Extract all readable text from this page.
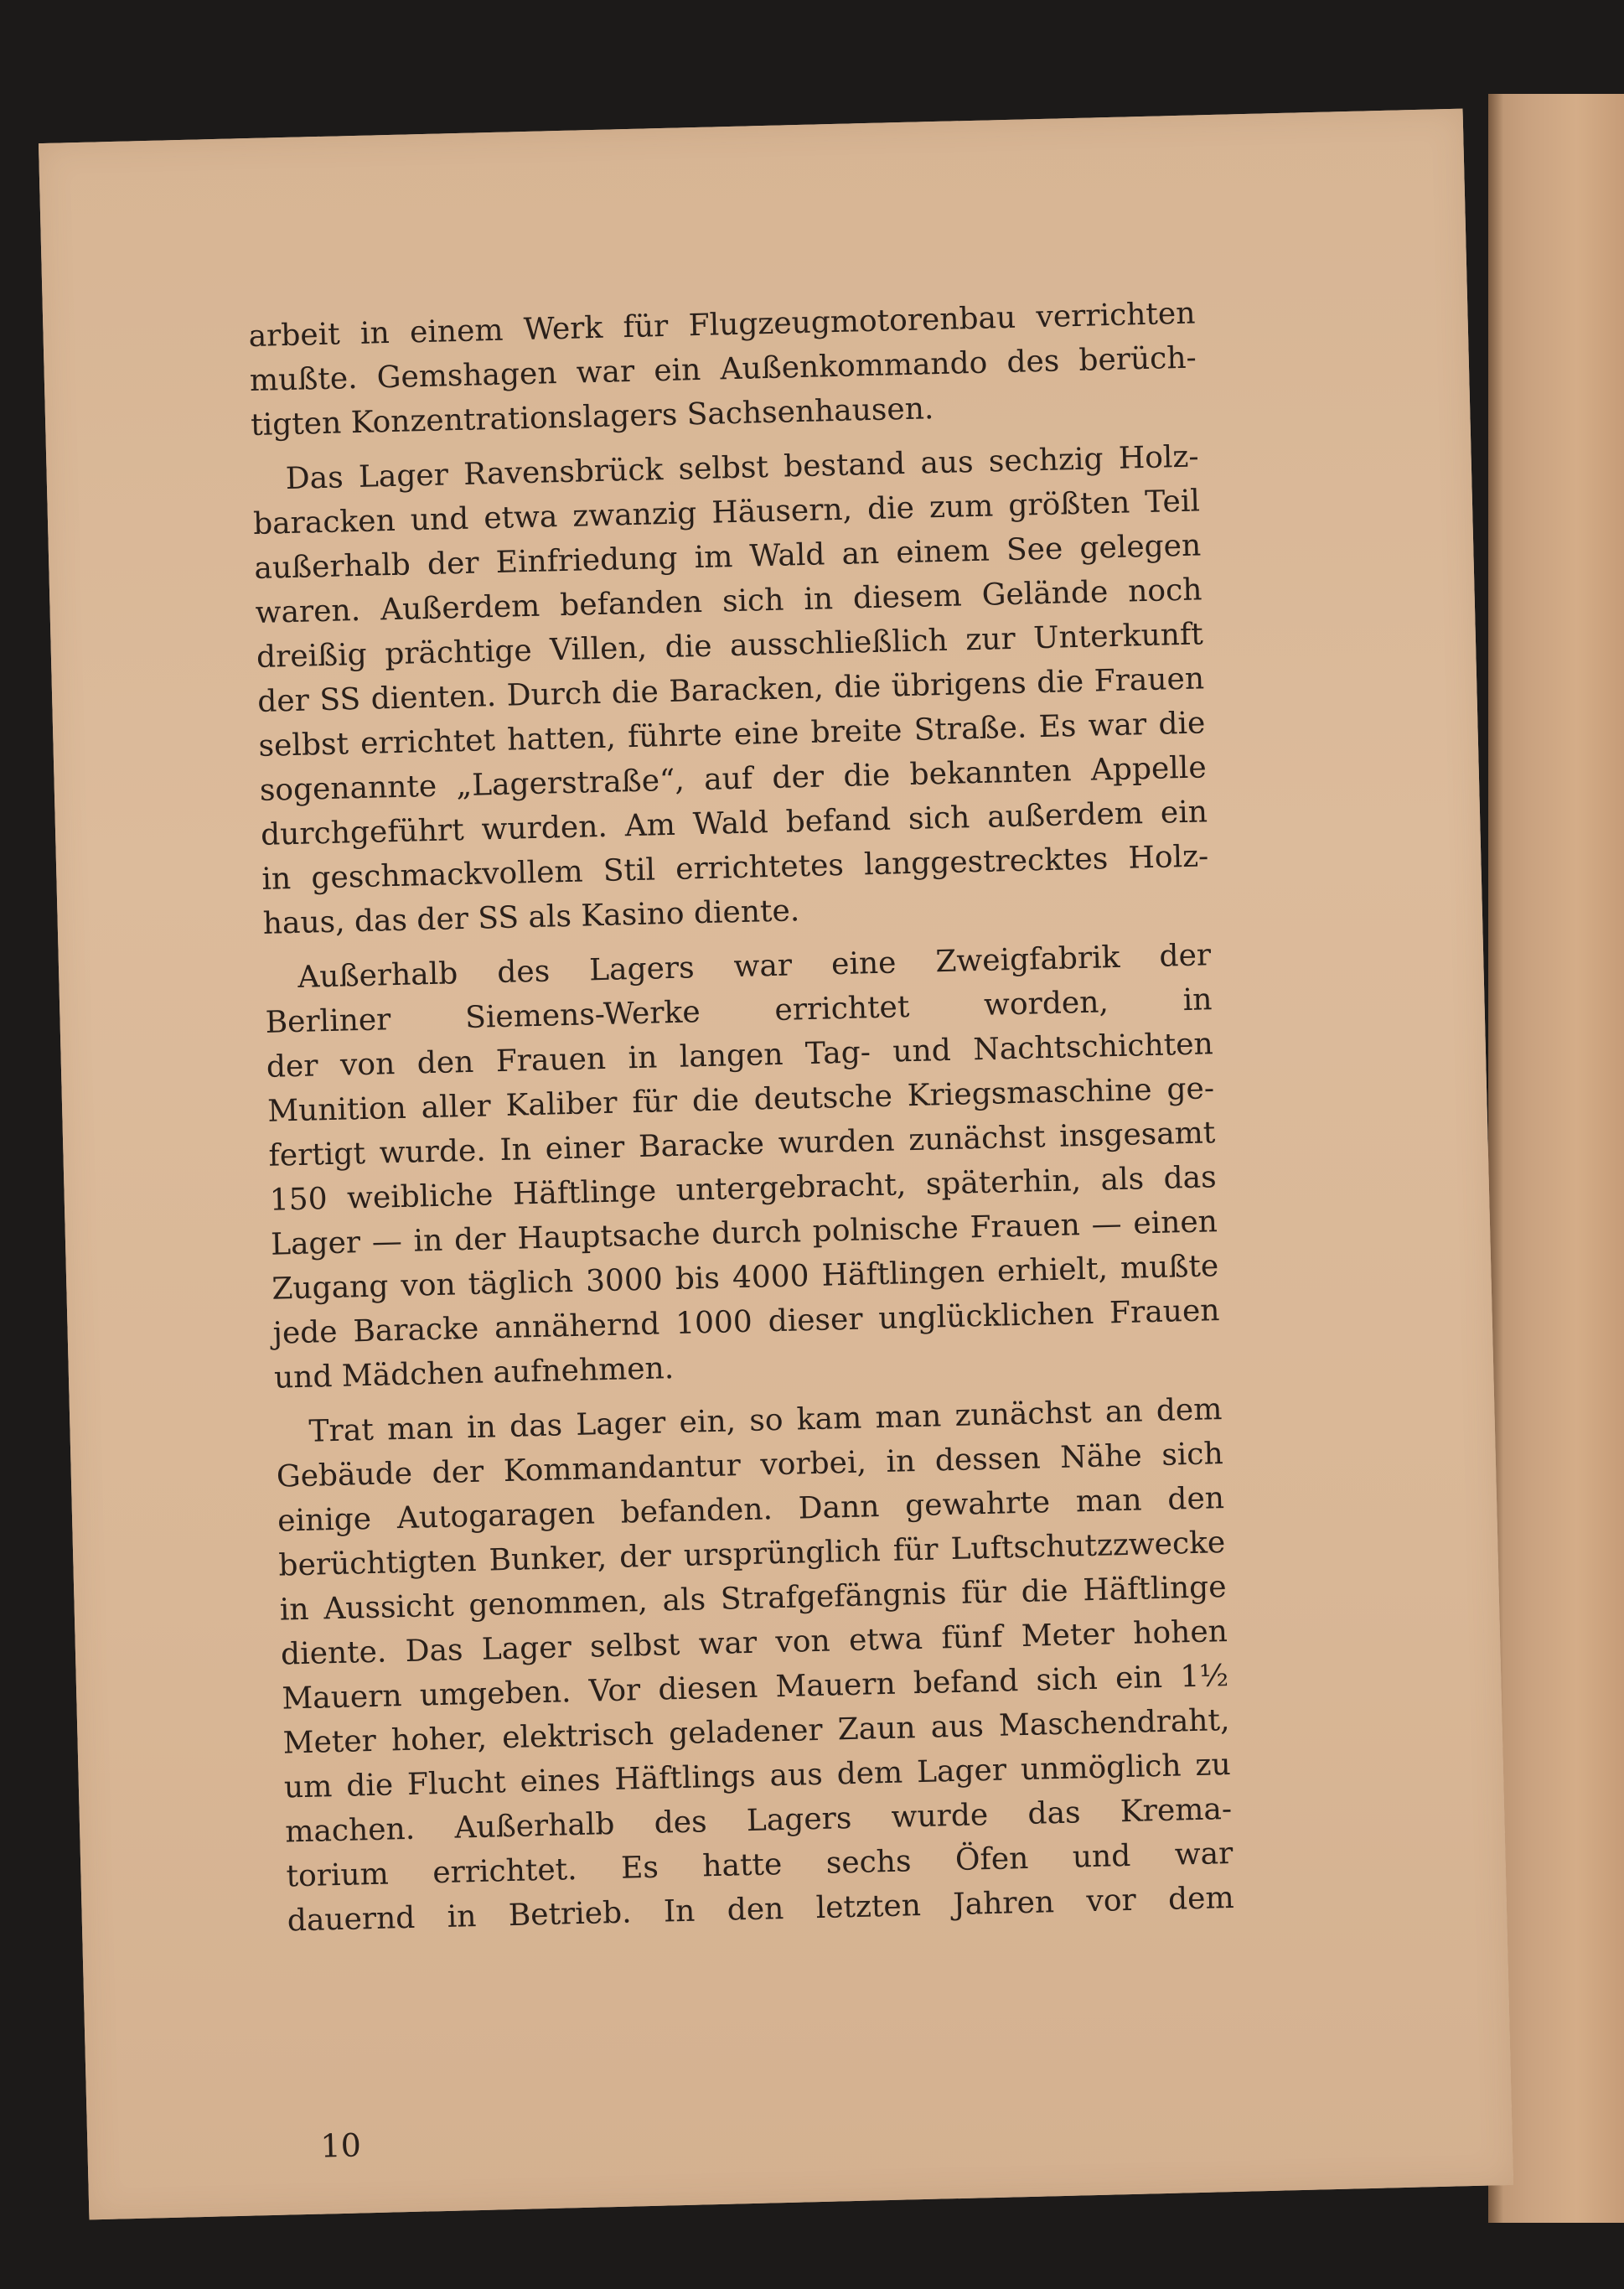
arbeit in einem Werk für Flugzeugmotorenbau verrichten
mußte. Gemshagen war ein Außenkommando des berüch-
tigten Konzentrationslagers Sachsenhausen.
Das Lager Ravensbrück selbst bestand aus sechzig Holz-
baracken und etwa zwanzig Häusern, die zum größten Teil
außerhalb der Einfriedung im Wald an einem See gelegen
waren. Außerdem befanden sich in diesem Gelände noch
dreißig prächtige Villen, die ausschließlich zur Unterkunft
der SS dienten. Durch die Baracken, die übrigens die Frauen
selbst errichtet hatten, führte eine breite Straße. Es war die
sogenannte „Lagerstraße“, auf der die bekannten Appelle
durchgeführt wurden. Am Wald befand sich außerdem ein
in geschmackvollem Stil errichtetes langgestrecktes Holz-
haus, das der SS als Kasino diente.
Außerhalb des Lagers war eine Zweigfabrik der
Berliner Siemens-Werke errichtet worden, in
der von den Frauen in langen Tag- und Nachtschichten
Munition aller Kaliber für die deutsche Kriegsmaschine ge-
fertigt wurde. In einer Baracke wurden zunächst insgesamt
150 weibliche Häftlinge untergebracht, späterhin, als das
Lager — in der Hauptsache durch polnische Frauen — einen
Zugang von täglich 3000 bis 4000 Häftlingen erhielt, mußte
jede Baracke annähernd 1000 dieser unglücklichen Frauen
und Mädchen aufnehmen.
Trat man in das Lager ein, so kam man zunächst an dem
Gebäude der Kommandantur vorbei, in dessen Nähe sich
einige Autogaragen befanden. Dann gewahrte man den
berüchtigten Bunker, der ursprünglich für Luftschutzzwecke
in Aussicht genommen, als Strafgefängnis für die Häftlinge
diente. Das Lager selbst war von etwa fünf Meter hohen
Mauern umgeben. Vor diesen Mauern befand sich ein 1½
Meter hoher, elektrisch geladener Zaun aus Maschendraht,
um die Flucht eines Häftlings aus dem Lager unmöglich zu
machen. Außerhalb des Lagers wurde das Krema-
torium errichtet. Es hatte sechs Öfen und war
dauernd in Betrieb. In den letzten Jahren vor dem
10
